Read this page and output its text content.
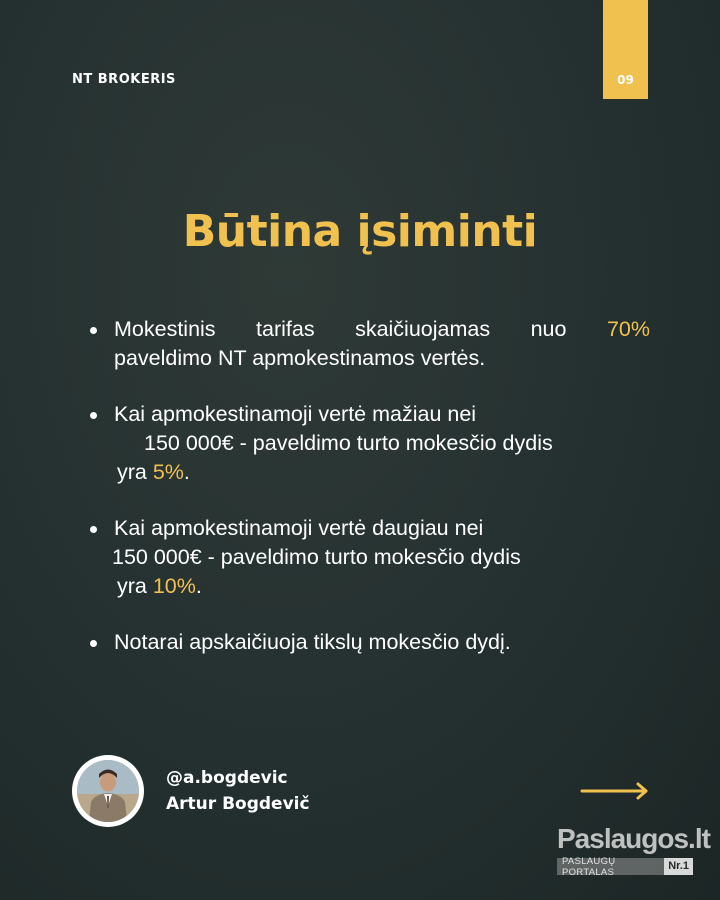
NT BROKERIS	09
Būtina įsiminti
Mokestinis tarifas skaičiuojamas nuo 70%
paveldimo NT apmokestinamos vertės.
Kai apmokestinamoji vertė mažiau nei
150 000€ - paveldimo turto mokesčio dydis
yra 5%.
Kai apmokestinamoji vertė daugiau nei
150 000€ - paveldimo turto mokesčio dydis
yra 10%.
Notarai apskaičiuoja tikslų mokesčio dydį.
@a.bogdevic
Artur Bogdevič
Paslaugos.lt
PASLAUGŲ PORTALAS	Nr.1
